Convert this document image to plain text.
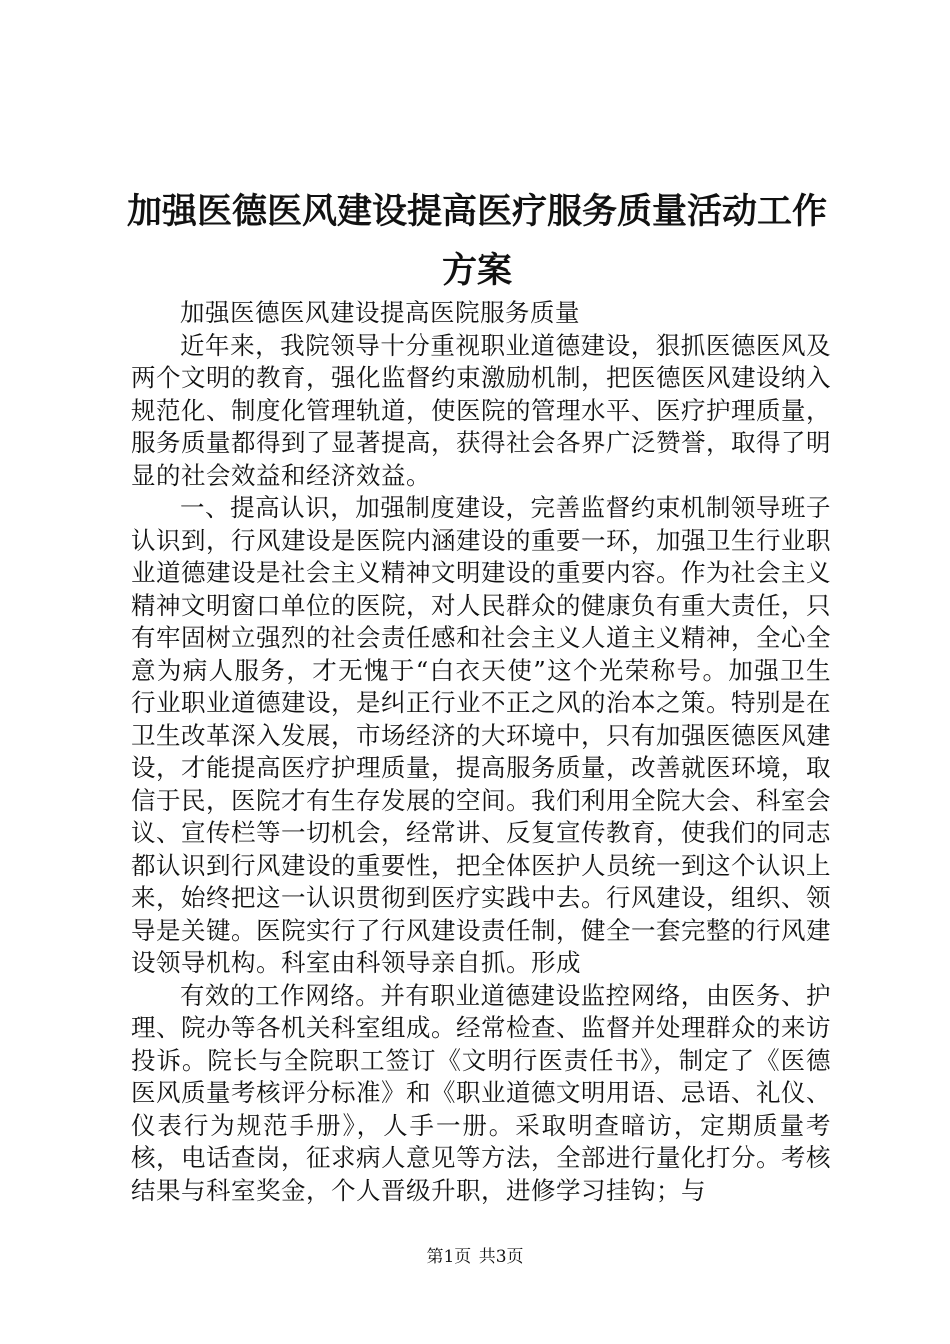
加强医德医风建设提高医疗服务质量活动工作方案

加强医德医风建设提高医院服务质量

近年来，我院领导十分重视职业道德建设，狠抓医德医风及两个文明的教育，强化监督约束激励机制，把医德医风建设纳入规范化、制度化管理轨道，使医院的管理水平、医疗护理质量，服务质量都得到了显著提高，获得社会各界广泛赞誉，取得了明显的社会效益和经济效益。

一、提高认识，加强制度建设，完善监督约束机制领导班子认识到，行风建设是医院内涵建设的重要一环，加强卫生行业职业道德建设是社会主义精神文明建设的重要内容。作为社会主义精神文明窗口单位的医院，对人民群众的健康负有重大责任，只有牢固树立强烈的社会责任感和社会主义人道主义精神，全心全意为病人服务，才无愧于“白衣天使”这个光荣称号。加强卫生行业职业道德建设，是纠正行业不正之风的治本之策。特别是在卫生改革深入发展，市场经济的大环境中，只有加强医德医风建设，才能提高医疗护理质量，提高服务质量，改善就医环境，取信于民，医院才有生存发展的空间。我们利用全院大会、科室会议、宣传栏等一切机会，经常讲、反复宣传教育，使我们的同志都认识到行风建设的重要性，把全体医护人员统一到这个认识上来，始终把这一认识贯彻到医疗实践中去。行风建设，组织、领导是关键。医院实行了行风建设责任制，健全一套完整的行风建设领导机构。科室由科领导亲自抓。形成

有效的工作网络。并有职业道德建设监控网络，由医务、护理、院办等各机关科室组成。经常检查、监督并处理群众的来访投诉。院长与全院职工签订《文明行医责任书》，制定了《医德医风质量考核评分标准》和《职业道德文明用语、忌语、礼仪、仪表行为规范手册》，人手一册。采取明查暗访，定期质量考核，电话查岗，征求病人意见等方法，全部进行量化打分。考核结果与科室奖金，个人晋级升职，进修学习挂钩；与

第1页 共3页
